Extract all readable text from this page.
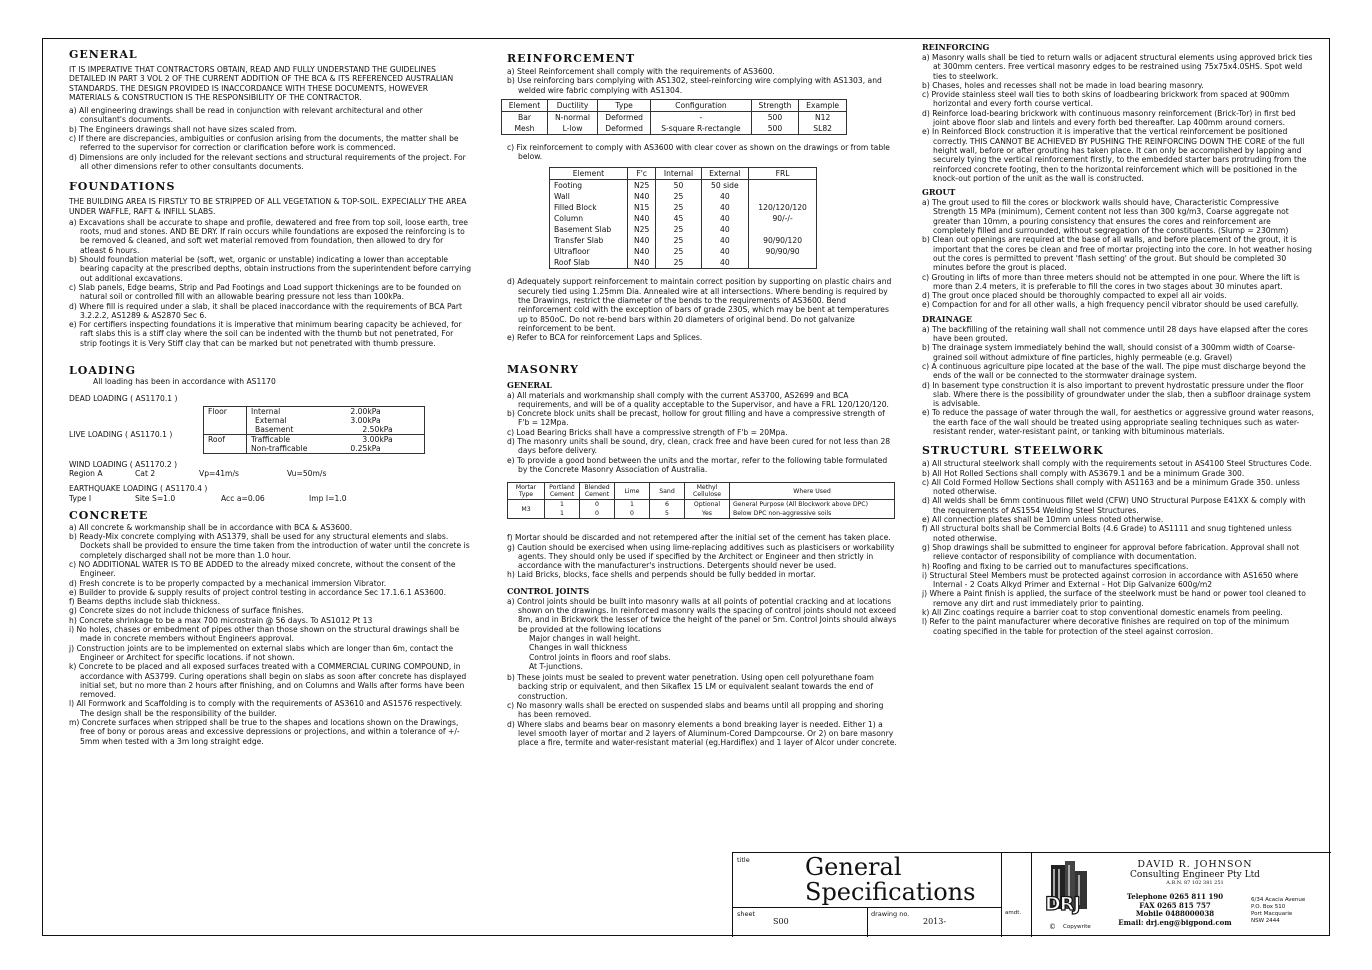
GENERAL

IT IS IMPERATIVE THAT CONTRACTORS OBTAIN, READ AND FULLY UNDERSTAND THE GUIDELINES DETAILED IN PART 3 VOL 2 OF THE CURRENT ADDITION OF THE BCA & ITS REFERENCED AUSTRALIAN STANDARDS. THE DESIGN PROVIDED IS INACCORDANCE WITH THESE DOCUMENTS, HOWEVER MATERIALS & CONSTRUCTION IS THE RESPONSIBILITY OF THE CONTRACTOR.

a) All engineering drawings shall be read in conjunction with relevant architectural and other consultant's documents.

b) The Engineers drawings shall not have sizes scaled from.

c) If there are discrepancies, ambiguities or confusion arising from the documents, the matter shall be referred to the supervisor for correction or clarification before work is commenced.

d) Dimensions are only included for the relevant sections and structural requirements of the project. For all other dimensions refer to other consultants documents.

FOUNDATIONS

THE BUILDING AREA IS FIRSTLY TO BE STRIPPED OF ALL VEGETATION & TOP-SOIL. EXPECIALLY THE AREA UNDER WAFFLE, RAFT & INFILL SLABS.

a) Excavations shall be accurate to shape and profile, dewatered and free from top soil, loose earth, tree roots, mud and stones. AND BE DRY. If rain occurs while foundations are exposed the reinforcing is to be removed & cleaned, and soft wet material removed from foundation, then allowed to dry for atleast 6 hours.

b) Should foundation material be (soft, wet, organic or unstable) indicating a lower than acceptable bearing capacity at the prescribed depths, obtain instructions from the superintendent before carrying out additional excavations.

c) Slab panels, Edge beams, Strip and Pad Footings and Load support thickenings are to be founded on natural soil or controlled fill with an allowable bearing pressure not less than 100kPa.

d) Where fill is required under a slab, it shall be placed inaccordance with the requirements of BCA Part 3.2.2.2, AS1289 & AS2870 Sec 6.

e) For certifiers inspecting foundations it is imperative that minimum bearing capacity be achieved, for raft slabs this is a stiff clay where the soil can be indented with the thumb but not penetrated, For strip footings it is Very Stiff clay that can be marked but not penetrated with thumb pressure.

LOADING

All loading has been in accordance with AS1170

DEAD LOADING ( AS1170.1 )

LIVE LOADING ( AS1170.1 )
Floor	Internal	2.00kPa
	External	3.00kPa
	Basement	2.50kPa
Roof	Trafficable	3.00kPa
	Non-trafficable	0.25kPa

WIND LOADING ( AS1170.2 )

Region A	Cat 2	Vp=41m/s	Vu=50m/s

EARTHQUAKE LOADING ( AS1170.4 )

Type I	Site S=1.0	Acc a=0.06	Imp I=1.0
CONCRETE

a) All concrete & workmanship shall be in accordance with BCA & AS3600.

b) Ready-Mix concrete complying with AS1379, shall be used for any structural elements and slabs. Dockets shall be provided to ensure the time taken from the introduction of water until the concrete is completely discharged shall not be more than 1.0 hour.

c) NO ADDITIONAL WATER IS TO BE ADDED to the already mixed concrete, without the consent of the Engineer.

d) Fresh concrete is to be properly compacted by a mechanical immersion Vibrator.

e) Builder to provide & supply results of project control testing in accordance Sec 17.1.6.1 AS3600.

f) Beams depths include slab thickness.

g) Concrete sizes do not include thickness of surface finishes.

h) Concrete shrinkage to be a max 700 microstrain @ 56 days. To AS1012 Pt 13

i) No holes, chases or embedment of pipes other than those shown on the structural drawings shall be made in concrete members without Engineers approval.

j) Construction joints are to be implemented on external slabs which are longer than 6m, contact the Engineer or Architect for specific locations. if not shown.

k) Concrete to be placed and all exposed surfaces treated with a COMMERCIAL CURING COMPOUND, in accordance with AS3799. Curing operations shall begin on slabs as soon after concrete has displayed initial set, but no more than 2 hours after finishing, and on Columns and Walls after forms have been removed.

l) All Formwork and Scaffolding is to comply with the requirements of AS3610 and AS1576 respectively. The design shall be the responsibility of the builder.

m) Concrete surfaces when stripped shall be true to the shapes and locations shown on the Drawings, free of bony or porous areas and excessive depressions or projections, and within a tolerance of +/- 5mm when tested with a 3m long straight edge.

REINFORCEMENT

a) Steel Reinforcement shall comply with the requirements of AS3600.

b) Use reinforcing bars complying with AS1302, steel-reinforcing wire complying with AS1303, and welded wire fabric complying with AS1304.

Element	Ductility	Type	Configuration	Strength	Example
Bar	N-normal	Deformed	-	500	N12
Mesh	L-low	Deformed	S-square R-rectangle	500	SL82

c) Fix reinforcement to comply with AS3600 with clear cover as shown on the drawings or from table below.

Element	F'c	Internal	External	FRL
Footing	N25	50	50 side	
Wall	N40	25	40	
Filled Block	N15	25	40	120/120/120
Column	N40	45	40	90/-/-
Basement Slab	N25	25	40	
Transfer Slab	N40	25	40	90/90/120
Ultrafloor	N40	25	40	90/90/90
Roof Slab	N40	25	40	

d) Adequately support reinforcement to maintain correct position by supporting on plastic chairs and securely tied using 1.25mm Dia. Annealed wire at all intersections. Where bending is required by the Drawings, restrict the diameter of the bends to the requirements of AS3600. Bend reinforcement cold with the exception of bars of grade 230S, which may be bent at temperatures up to 850oC. Do not re-bend bars within 20 diameters of original bend. Do not galvanize reinforcement to be bent.

e) Refer to BCA for reinforcement Laps and Splices.

MASONRY
GENERAL

a) All materials and workmanship shall comply with the current AS3700, AS2699 and BCA requirements, and will be of a quality acceptable to the Supervisor, and have a FRL 120/120/120.

b) Concrete block units shall be precast, hollow for grout filling and have a compressive strength of F'b = 12Mpa.

c) Load Bearing Bricks shall have a compressive strength of F'b = 20Mpa.

d) The masonry units shall be sound, dry, clean, crack free and have been cured for not less than 28 days before delivery.

e) To provide a good bond between the units and the mortar, refer to the following table formulated by the Concrete Masonry Association of Australia.

Mortar Type	Portland Cement	Blended Cement	Lime	Sand	Methyl Cellulose	Where Used
M3	1	0	1	6	Optional	General Purpose (All Blockwork above DPC)
	1	0	0	5	Yes	Below DPC non-aggressive soils

f) Mortar should be discarded and not retempered after the initial set of the cement has taken place.

g) Caution should be exercised when using lime-replacing additives such as plasticisers or workability agents. They should only be used if specified by the Architect or Engineer and then strictly in accordance with the manufacturer's instructions. Detergents should never be used.

h) Laid Bricks, blocks, face shells and perpends should be fully bedded in mortar.

CONTROL JOINTS

a) Control joints should be built into masonry walls at all points of potential cracking and at locations shown on the drawings. In reinforced masonry walls the spacing of control joints should not exceed 8m, and in Brickwork the lesser of twice the height of the panel or 5m. Control Joints should always be provided at the following locations

Major changes in wall height.

Changes in wall thickness

Control joints in floors and roof slabs.

At T-junctions.

b) These joints must be sealed to prevent water penetration. Using open cell polyurethane foam backing strip or equivalent, and then Sikaflex 15 LM or equivalent sealant towards the end of construction.

c) No masonry walls shall be erected on suspended slabs and beams until all propping and shoring has been removed.

d) Where slabs and beams bear on masonry elements a bond breaking layer is needed. Either 1) a level smooth layer of mortar and 2 layers of Aluminum-Cored Dampcourse. Or 2) on bare masonry place a fire, termite and water-resistant material (eg.Hardiflex) and 1 layer of Alcor under concrete.

REINFORCING

a) Masonry walls shall be tied to return walls or adjacent structural elements using approved brick ties at 300mm centers. Free vertical masonry edges to be restrained using 75x75x4.0SHS. Spot weld ties to steelwork.

b) Chases, holes and recesses shall not be made in load bearing masonry.

c) Provide stainless steel wall ties to both skins of loadbearing brickwork from spaced at 900mm horizontal and every forth course vertical.

d) Reinforce load-bearing brickwork with continuous masonry reinforcement (Brick-Tor) in first bed joint above floor slab and lintels and every forth bed thereafter. Lap 400mm around corners.

e) In Reinforced Block construction it is imperative that the vertical reinforcement be positioned correctly. THIS CANNOT BE ACHIEVED BY PUSHING THE REINFORCING DOWN THE CORE of the full height wall, before or after grouting has taken place. It can only be accomplished by lapping and securely tying the vertical reinforcement firstly, to the embedded starter bars protruding from the reinforced concrete footing, then to the horizontal reinforcement which will be positioned in the knock-out portion of the unit as the wall is constructed.

GROUT

a) The grout used to fill the cores or blockwork walls should have, Characteristic Compressive Strength 15 MPa (minimum), Cement content not less than 300 kg/m3, Coarse aggregate not greater than 10mm, a pouring consistency that ensures the cores and reinforcement are completely filled and surrounded, without segregation of the constituents. (Slump = 230mm)

b) Clean out openings are required at the base of all walls, and before placement of the grout, it is important that the cores be clean and free of mortar projecting into the core. In hot weather hosing out the cores is permitted to prevent 'flash setting' of the grout. But should be completed 30 minutes before the grout is placed.

c) Grouting in lifts of more than three meters should not be attempted in one pour. Where the lift is more than 2.4 meters, it is preferable to fill the cores in two stages about 30 minutes apart.

d) The grout once placed should be thoroughly compacted to expel all air voids.

e) Compaction for and for all other walls, a high frequency pencil vibrator should be used carefully.

DRAINAGE

a) The backfilling of the retaining wall shall not commence until 28 days have elapsed after the cores have been grouted.

b) The drainage system immediately behind the wall, should consist of a 300mm width of Coarse-grained soil without admixture of fine particles, highly permeable (e.g. Gravel)

c) A continuous agriculture pipe located at the base of the wall. The pipe must discharge beyond the ends of the wall or be connected to the stormwater drainage system.

d) In basement type construction it is also important to prevent hydrostatic pressure under the floor slab. Where there is the possibility of groundwater under the slab, then a subfloor drainage system is advisable.

e) To reduce the passage of water through the wall, for aesthetics or aggressive ground water reasons, the earth face of the wall should be treated using appropriate sealing techniques such as water-resistant render, water-resistant paint, or tanking with bituminous materials.

STRUCTURL STEELWORK

a) All structural steelwork shall comply with the requirements setout in AS4100 Steel Structures Code.

b) All Hot Rolled Sections shall comply with AS3679.1 and be a minimum Grade 300.

c) All Cold Formed Hollow Sections shall comply with AS1163 and be a minimum Grade 350. unless noted otherwise.

d) All welds shall be 6mm continuous fillet weld (CFW) UNO Structural Purpose E41XX & comply with the requirements of AS1554 Welding Steel Structures.

e) All connection plates shall be 10mm unless noted otherwise.

f) All structural bolts shall be Commercial Bolts (4.6 Grade) to AS1111 and snug tightened unless noted otherwise.

g) Shop drawings shall be submitted to engineer for approval before fabrication. Approval shall not relieve contactor of responsibility of compliance with documentation.

h) Roofing and fixing to be carried out to manufactures specifications.

i) Structural Steel Members must be protected against corrosion in accordance with AS1650 where Internal - 2 Coats Alkyd Primer and External - Hot Dip Galvanize 600g/m2

j) Where a Paint finish is applied, the surface of the steelwork must be hand or power tool cleaned to remove any dirt and rust immediately prior to painting.

k) All Zinc coatings require a barrier coat to stop conventional domestic enamels from peeling.

l) Refer to the paint manufacturer where decorative finishes are required on top of the minimum coating specified in the table for protection of the steel against corrosion.

title General
Specifications
sheet
S00
drawing no.
2013-
amdt. DRJ
© Copywrite
DAVID R. JOHNSON
Consulting Engineer Pty Ltd
A.B.N. 87 102 381 251
Telephone 0265 811 190
FAX 0265 815 757
Mobile 0488000038
Email: drj.eng@bigpond.com
6/34 Acacia Avenue
P.O. Box 510
Port Macquarie
NSW 2444
